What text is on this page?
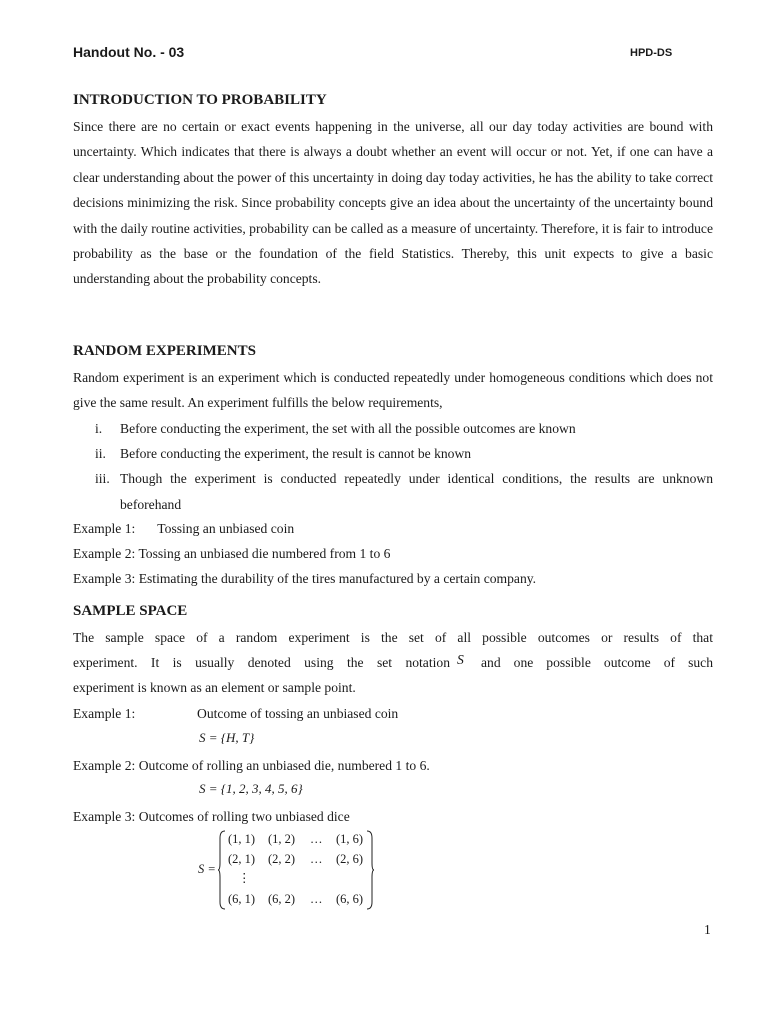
Handout No. - 03	HPD-DS
INTRODUCTION TO PROBABILITY

Since there are no certain or exact events happening in the universe, all our day today activities are bound with uncertainty. Which indicates that there is always a doubt whether an event will occur or not. Yet, if one can have a clear understanding about the power of this uncertainty in doing day today activities, he has the ability to take correct decisions minimizing the risk. Since probability concepts give an idea about the uncertainty of the uncertainty bound with the daily routine activities, probability can be called as a measure of uncertainty. Therefore, it is fair to introduce probability as the base or the foundation of the field Statistics. Thereby, this unit expects to give a basic understanding about the probability concepts.

RANDOM EXPERIMENTS

Random experiment is an experiment which is conducted repeatedly under homogeneous conditions which does not give the same result. An experiment fulfills the below requirements,

i. Before conducting the experiment, the set with all the possible outcomes are known
ii. Before conducting the experiment, the result is cannot be known
iii. Though the experiment is conducted repeatedly under identical conditions, the results are unknown beforehand
Example 1: Tossing an unbiased coin
Example 2: Tossing an unbiased die numbered from 1 to 6
Example 3: Estimating the durability of the tires manufactured by a certain company.
SAMPLE SPACE
The sample space of a random experiment is the set of all possible outcomes or results of that
experiment. It is usually denoted using the set notation S and one possible outcome of such
experiment is known as an element or sample point.
Example 1:	Outcome of tossing an unbiased coin
S = {H, T}
Example 2: Outcome of rolling an unbiased die, numbered 1 to 6.
S = {1, 2, 3, 4, 5, 6}
Example 3: Outcomes of rolling two unbiased dice
S =
(1, 1) (1, 2) … (1, 6)
(2, 1) (2, 2) … (2, 6)
⋮
(6, 1) (6, 2) … (6, 6)
1
